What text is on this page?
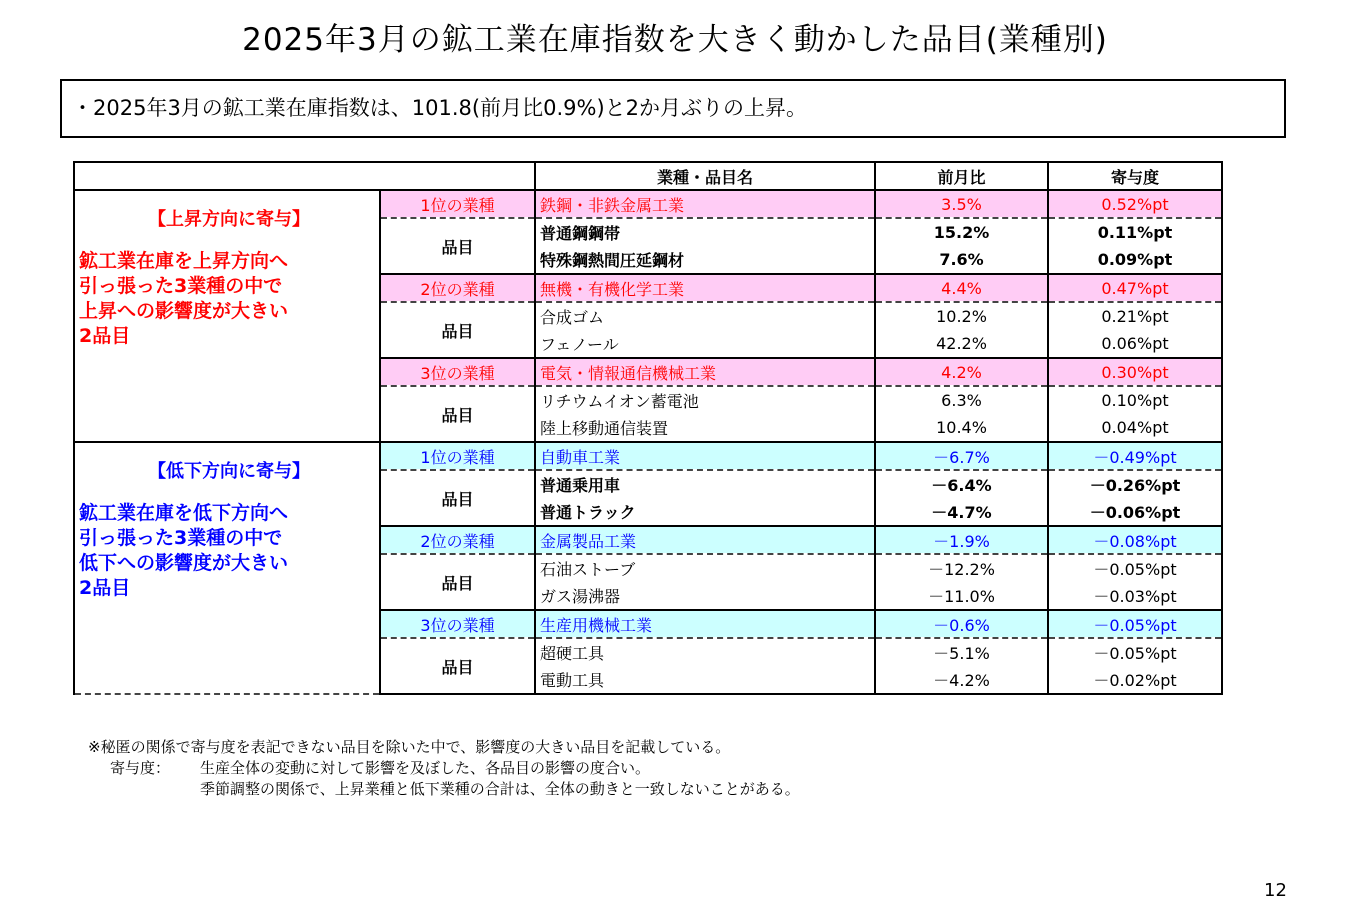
2025年3月の鉱工業在庫指数を大きく動かした品目(業種別)
・2025年3月の鉱工業在庫指数は、101.8(前月比0.9%)と2か月ぶりの上昇。
		業種・品目名	前月比	寄与度

【上昇方向に寄与】
鉱工業在庫を上昇方向へ
引っ張った3業種の中で
上昇への影響度が大きい
2品目	1位の業種	鉄鋼・非鉄金属工業	3.5%	0.52%pt
	品目	普通鋼鋼帯	15.2%	0.11%pt
		特殊鋼熱間圧延鋼材	7.6%	0.09%pt
	2位の業種	無機・有機化学工業	4.4%	0.47%pt
	品目	合成ゴム	10.2%	0.21%pt
		フェノール	42.2%	0.06%pt
	3位の業種	電気・情報通信機械工業	4.2%	0.30%pt
	品目	リチウムイオン蓄電池	6.3%	0.10%pt
		陸上移動通信装置	10.4%	0.04%pt

【低下方向に寄与】
鉱工業在庫を低下方向へ
引っ張った3業種の中で
低下への影響度が大きい
2品目	1位の業種	自動車工業	－6.7%	－0.49%pt
	品目	普通乗用車	－6.4%	－0.26%pt
		普通トラック	－4.7%	－0.06%pt
	2位の業種	金属製品工業	－1.9%	－0.08%pt
	品目	石油ストーブ	－12.2%	－0.05%pt
		ガス湯沸器	－11.0%	－0.03%pt
	3位の業種	生産用機械工業	－0.6%	－0.05%pt
	品目	超硬工具	－5.1%	－0.05%pt
		電動工具	－4.2%	－0.02%pt
※秘匿の関係で寄与度を表記できない品目を除いた中で、影響度の大きい品目を記載している。
寄与度： 生産全体の変動に対して影響を及ぼした、各品目の影響の度合い。
季節調整の関係で、上昇業種と低下業種の合計は、全体の動きと一致しないことがある。
12
